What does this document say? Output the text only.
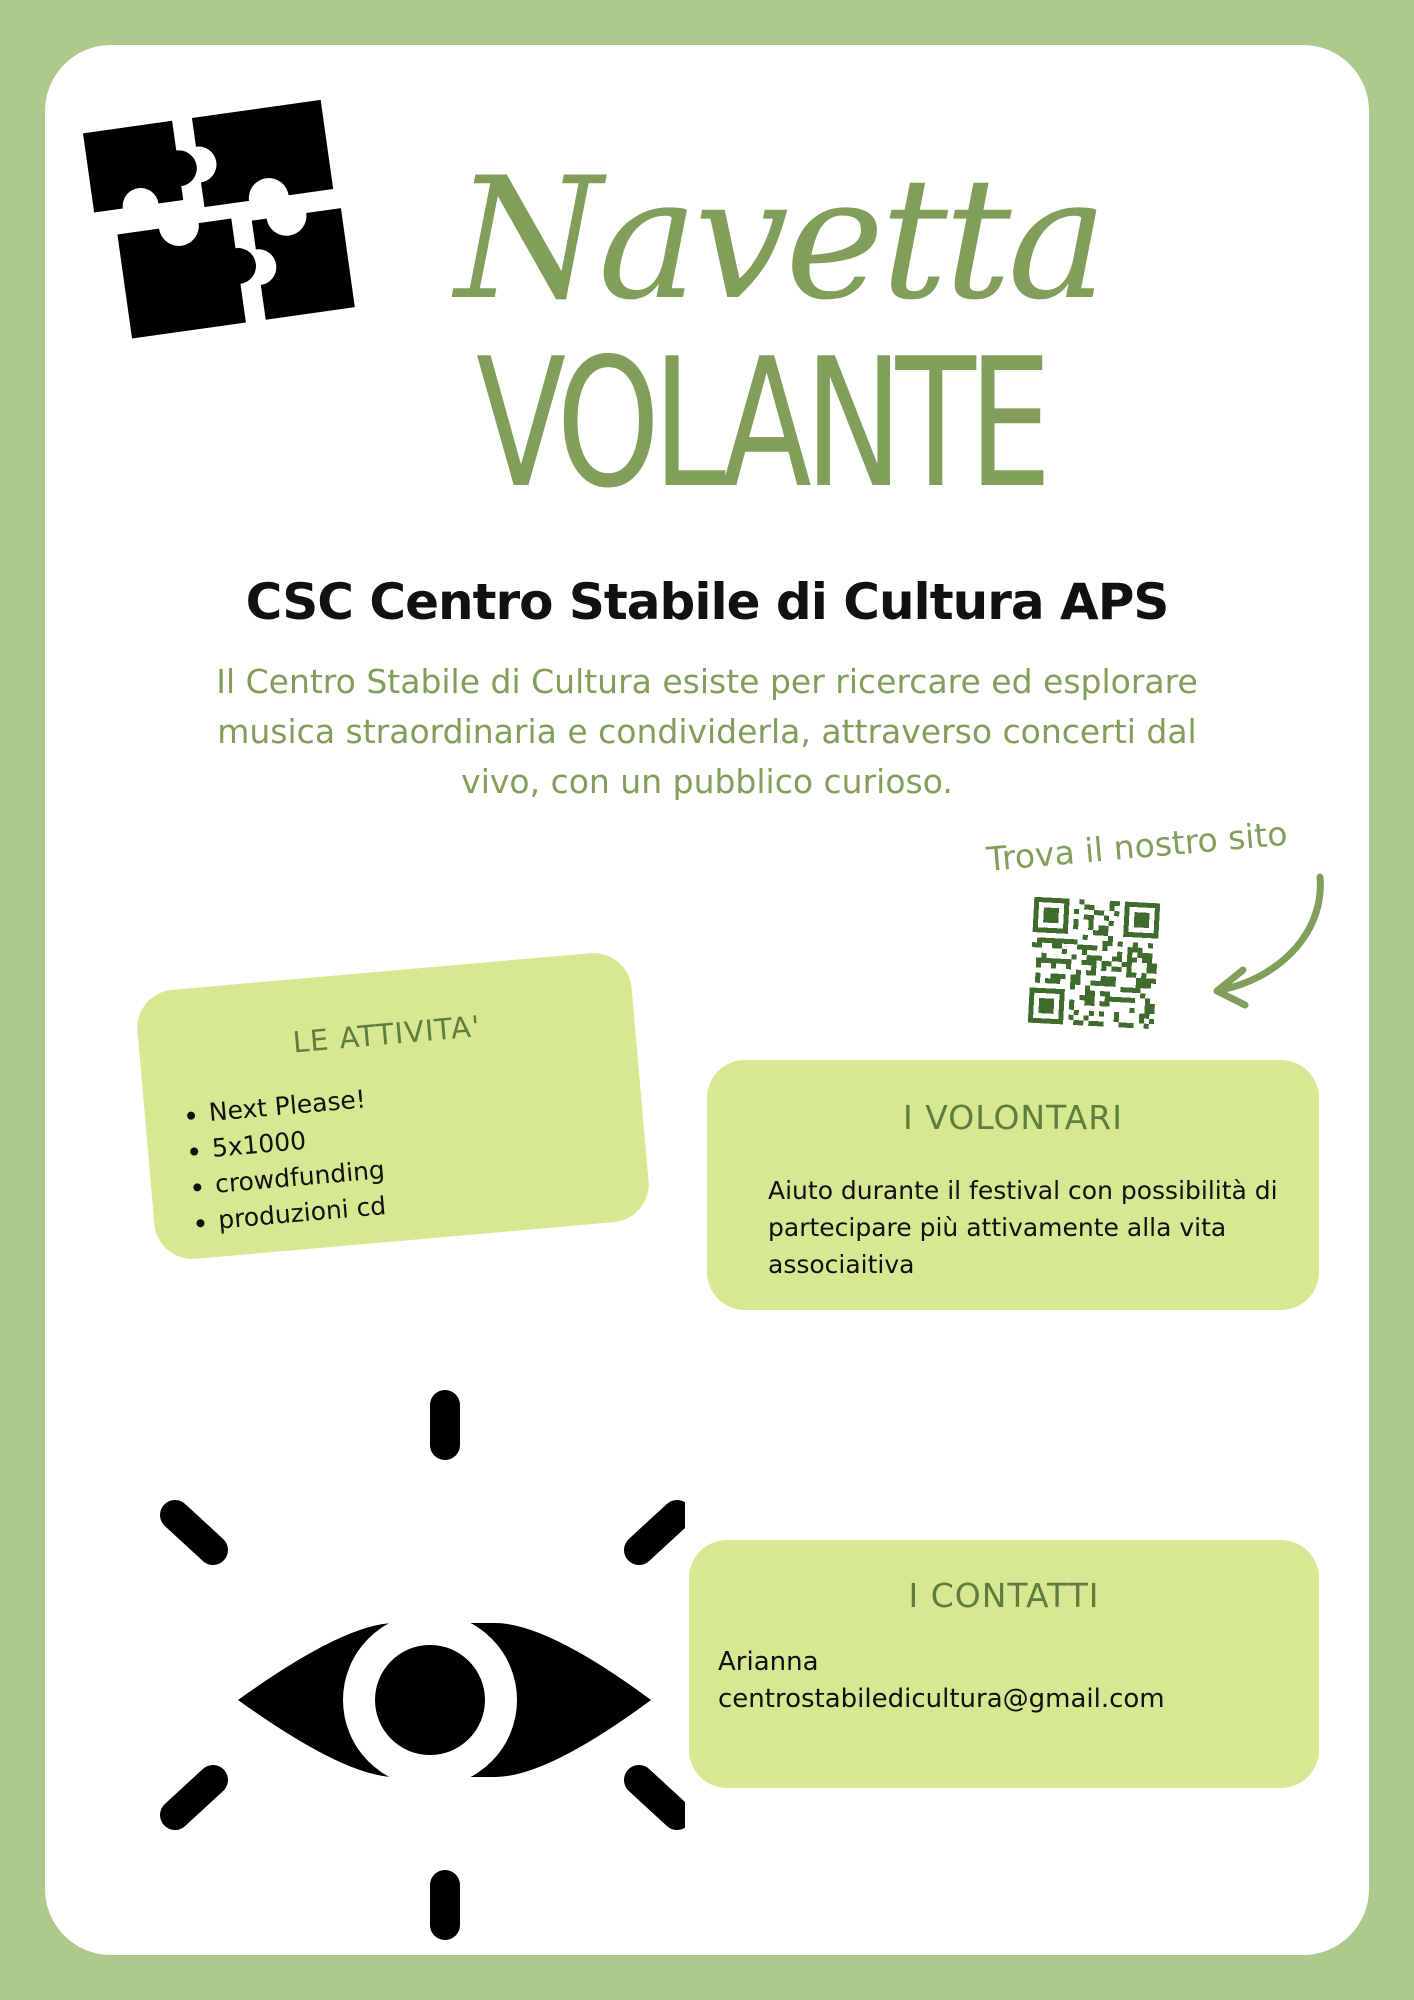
Navetta
VOLANTE
CSC Centro Stabile di Cultura APS
Il Centro Stabile di Cultura esiste per ricercare ed esplorare musica straordinaria e condividerla, attraverso concerti dal vivo, con un pubblico curioso.
Trova il nostro sito
LE ATTIVITA'
• Next Please!
• 5x1000
• crowdfunding
• produzioni cd
I VOLONTARI

Aiuto durante il festival con possibilità di partecipare più attivamente alla vita associaitiva

I CONTATTI
Arianna
centrostabiledicultura@gmail.com
